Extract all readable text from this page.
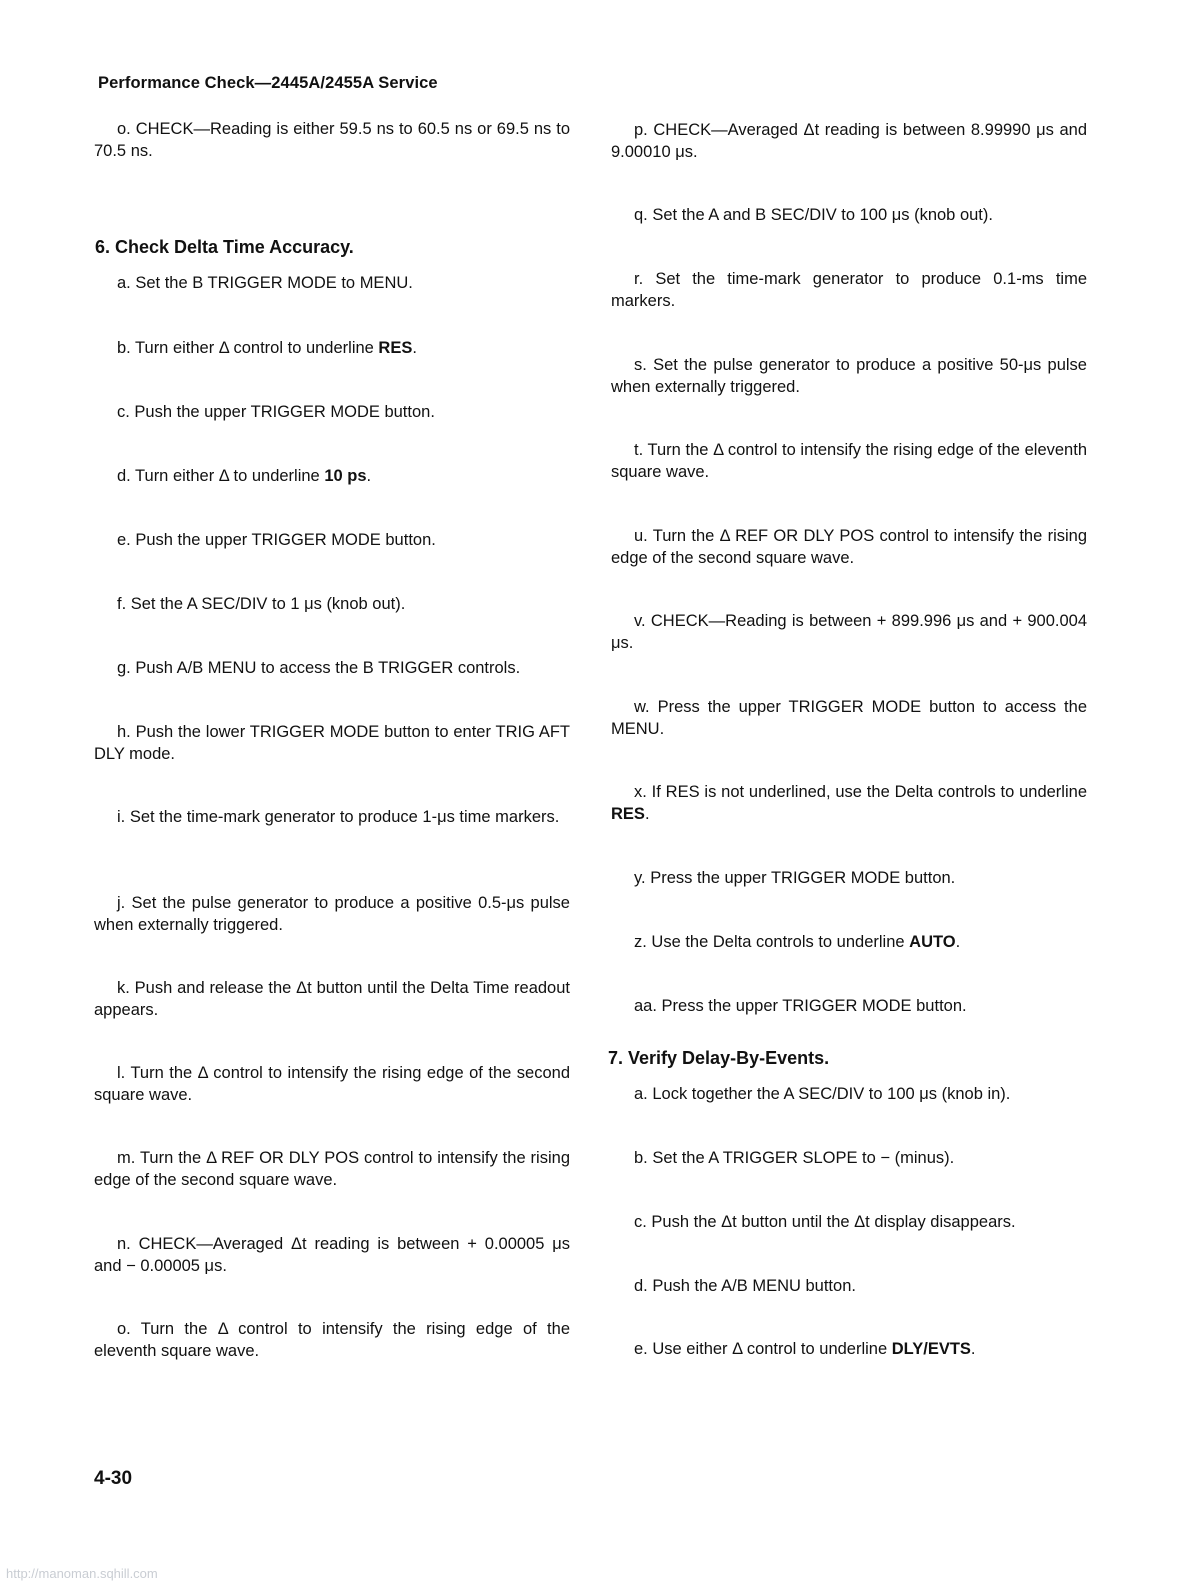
Performance Check—2445A/2455A Service
o. CHECK—Reading is either 59.5 ns to 60.5 ns or 69.5 ns to 70.5 ns.
6. Check Delta Time Accuracy.
a. Set the B TRIGGER MODE to MENU.
b. Turn either Δ control to underline RES.
c. Push the upper TRIGGER MODE button.
d. Turn either Δ to underline 10 ps.
e. Push the upper TRIGGER MODE button.
f. Set the A SEC/DIV to 1 μs (knob out).
g. Push A/B MENU to access the B TRIGGER controls.
h. Push the lower TRIGGER MODE button to enter TRIG AFT DLY mode.
i. Set the time-mark generator to produce 1-μs time markers.
j. Set the pulse generator to produce a positive 0.5-μs pulse when externally triggered.
k. Push and release the Δt button until the Delta Time readout appears.
l. Turn the Δ control to intensify the rising edge of the second square wave.
m. Turn the Δ REF OR DLY POS control to intensify the rising edge of the second square wave.
n. CHECK—Averaged Δt reading is between + 0.00005 μs and − 0.00005 μs.
o. Turn the Δ control to intensify the rising edge of the eleventh square wave.
p. CHECK—Averaged Δt reading is between 8.99990 μs and 9.00010 μs.
q. Set the A and B SEC/DIV to 100 μs (knob out).
r. Set the time-mark generator to produce 0.1-ms time markers.
s. Set the pulse generator to produce a positive 50-μs pulse when externally triggered.
t. Turn the Δ control to intensify the rising edge of the eleventh square wave.
u. Turn the Δ REF OR DLY POS control to intensify the rising edge of the second square wave.
v. CHECK—Reading is between + 899.996 μs and + 900.004 μs.
w. Press the upper TRIGGER MODE button to access the MENU.
x. If RES is not underlined, use the Delta controls to underline RES.
y. Press the upper TRIGGER MODE button.
z. Use the Delta controls to underline AUTO.
aa. Press the upper TRIGGER MODE button.
7. Verify Delay-By-Events.
a. Lock together the A SEC/DIV to 100 μs (knob in).
b. Set the A TRIGGER SLOPE to − (minus).
c. Push the Δt button until the Δt display disappears.
d. Push the A/B MENU button.
e. Use either Δ control to underline DLY/EVTS.
4-30
http://manoman.sqhill.com
